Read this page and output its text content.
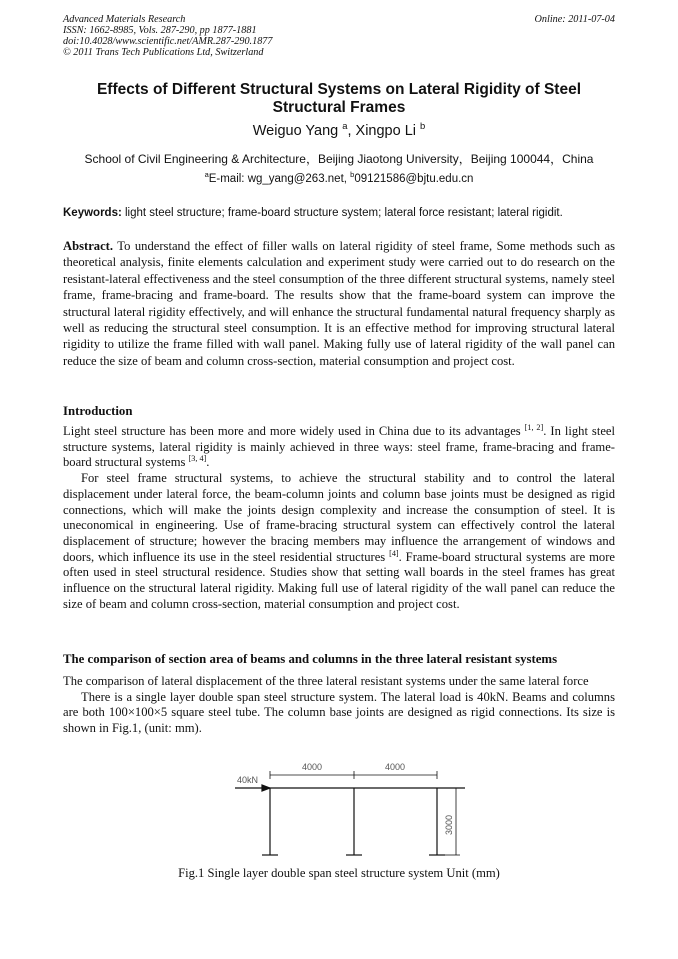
Advanced Materials Research
ISSN: 1662-8985, Vols. 287-290, pp 1877-1881
doi:10.4028/www.scientific.net/AMR.287-290.1877
© 2011 Trans Tech Publications Ltd, Switzerland
Online: 2011-07-04
Effects of Different Structural Systems on Lateral Rigidity of Steel Structural Frames
Weiguo Yang $^a$, Xingpo Li $^b$
School of Civil Engineering & Architecture，Beijing Jiaotong University，Beijing 100044，China
$^a$E-mail: wg_yang@263.net, $^b$09121586@bjtu.edu.cn
Keywords: light steel structure; frame-board structure system; lateral force resistant; lateral rigidit.
Abstract. To understand the effect of filler walls on lateral rigidity of steel frame, Some methods such as theoretical analysis, finite elements calculation and experiment study were carried out to do research on the resistant-lateral effectiveness and the steel consumption of the three different structural systems, namely steel frame, frame-bracing and frame-board. The results show that the frame-board system can improve the structural lateral rigidity effectively, and will enhance the structural fundamental natural frequency sharply as well as reducing the structural steel consumption. It is an effective method for improving structural lateral rigidity to utilize the frame filled with wall panel. Making fully use of lateral rigidity of the wall panel can reduce the size of beam and column cross-section, material consumption and project cost.
Introduction

Light steel structure has been more and more widely used in China due to its advantages [1, 2]. In light steel structure systems, lateral rigidity is mainly achieved in three ways: steel frame, frame-bracing and frame-board structural systems [3, 4].

For steel frame structural systems, to achieve the structural stability and to control the lateral displacement under lateral force, the beam-column joints and column base joints must be designed as rigid connections, which will make the joints design complexity and increase the consumption of steel. It is uneconomical in engineering. Use of frame-bracing structural system can effectively control the lateral displacement of structure; however the bracing members may influence the arrangement of windows and doors, which influence its use in the steel residential structures [4]. Frame-board structural systems are more often used in steel structural residence. Studies show that setting wall boards in the steel frames has great influence on the structural lateral rigidity. Making full use of lateral rigidity of the wall panel can reduce the size of beam and column cross-section, material consumption and project cost.

The comparison of section area of beams and columns in the three lateral resistant systems

The comparison of lateral displacement of the three lateral resistant systems under the same lateral force

There is a single layer double span steel structure system. The lateral load is 40kN. Beams and columns are both 100×100×5 square steel tube. The column base joints are designed as rigid connections. Its size is shown in Fig.1, (unit: mm).

40kN
4000	4000
3000
Fig.1 Single layer double span steel structure system Unit (mm)
